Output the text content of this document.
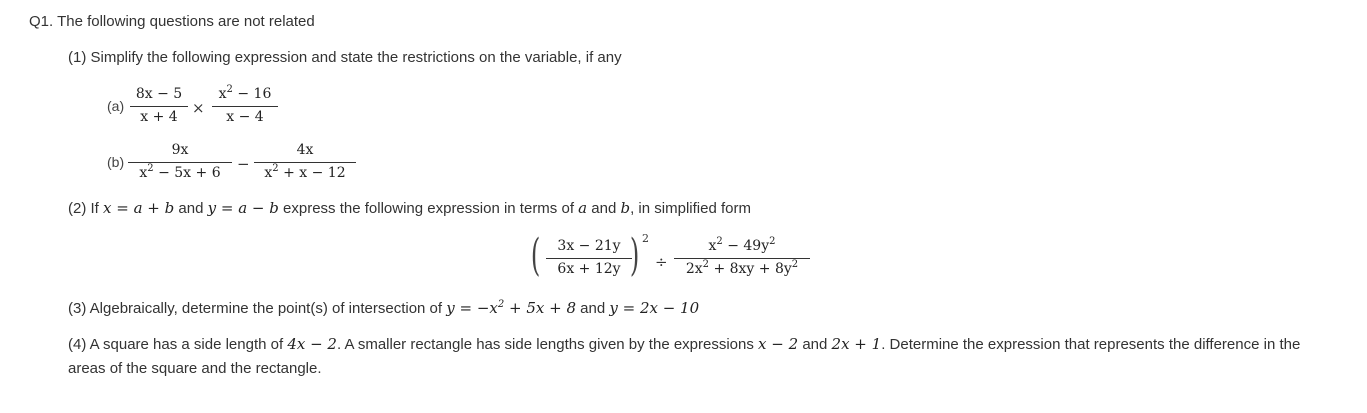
Q1. The following questions are not related
(1) Simplify the following expression and state the restrictions on the variable, if any
(a)
8x − 5
x + 4 ×
$x^2 - 16$
x − 4
(b)
9x
$x^2 - 5x + 6$ −
4x
$x^2 + x - 12$
(2) If x = a + b and y = a − b express the following expression in terms of a and b, in simplified form
( 3x − 21y
6x + 12y ) 2
÷
$x^2 - 49y^2$
$2x^2 + 8xy + 8y^2$
(3) Algebraically, determine the point(s) of intersection of $y = -x^2 + 5x + 8$ and y = 2x − 10
(4) A square has a side length of 4x − 2. A smaller rectangle has side lengths given by the expressions x − 2 and 2x + 1. Determine the expression that represents the difference in the areas of the square and the rectangle.
